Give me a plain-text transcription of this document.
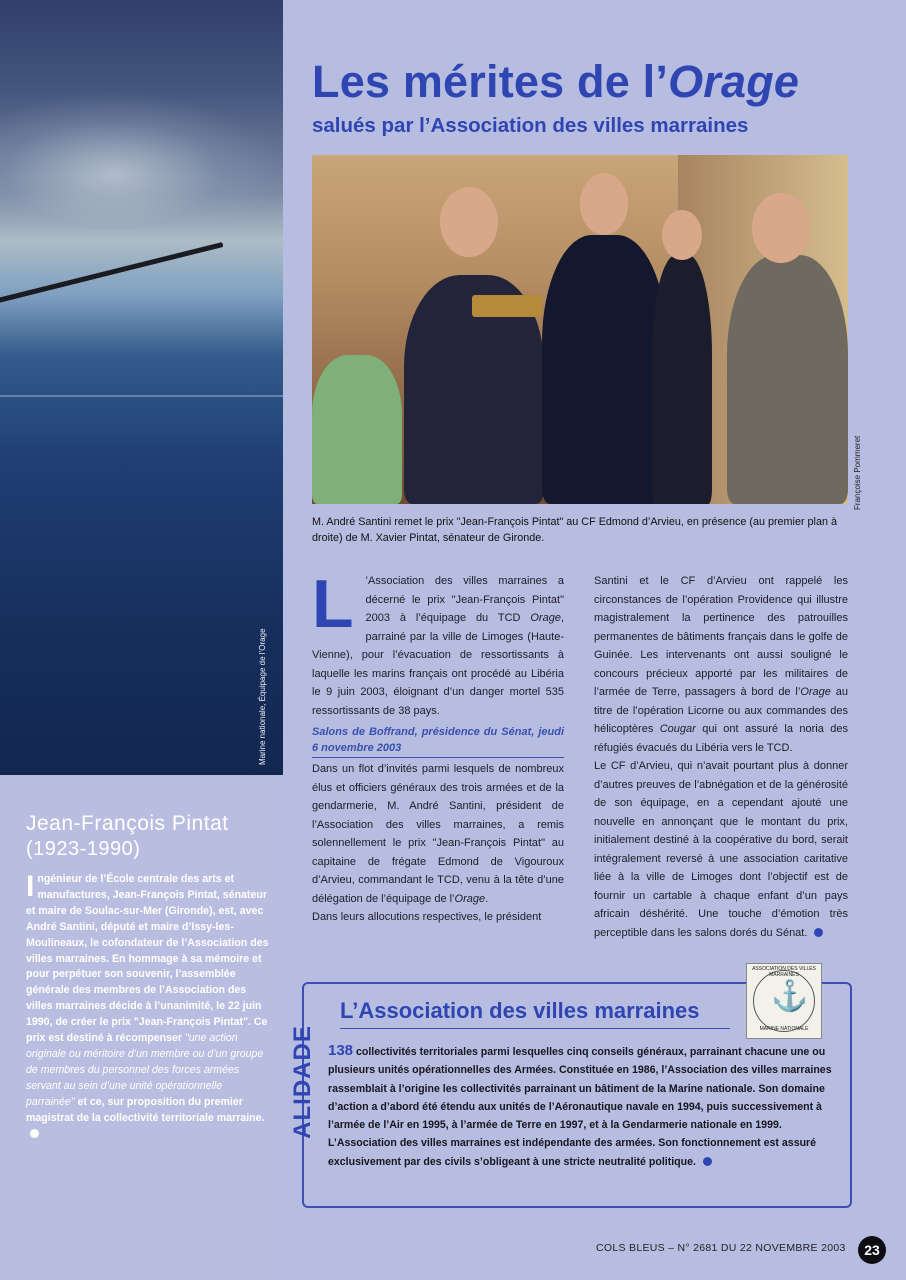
Marine nationale, Équipage de l’Orage
Jean-François Pintat
(1923-1990)

Ingénieur de l’École centrale des arts et manufactures, Jean-François Pintat, sénateur et maire de Soulac-sur-Mer (Gironde), est, avec André Santini, député et maire d’Issy-les-Moulineaux, le cofondateur de l’Association des villes marraines. En hommage à sa mémoire et pour perpétuer son souvenir, l’assemblée générale des membres de l’Association des villes marraines décide à l’unanimité, le 22 juin 1990, de créer le prix "Jean-François Pintat". Ce prix est destiné à récompenser "une action originale ou méritoire d’un membre ou d’un groupe de membres du personnel des forces armées servant au sein d’une unité opérationnelle parrainée" et ce, sur proposition du premier magistrat de la collectivité territoriale marraine.

Les mérites de l’Orage
salués par l’Association des villes marraines
Françoise Pommeret

M. André Santini remet le prix "Jean-François Pintat" au CF Edmond d’Arvieu, en présence (au premier plan à droite) de M. Xavier Pintat, sénateur de Gironde.

L ’Association des villes marraines a décerné le prix "Jean-François Pintat" 2003 à l’équipage du TCD Orage, parrainé par la ville de Limoges (Haute-Vienne), pour l’évacuation de ressortissants à laquelle les marins français ont procédé au Libéria le 9 juin 2003, éloignant d’un danger mortel 535 ressortissants de 38 pays.
Salons de Boffrand, présidence du Sénat, jeudi 6 novembre 2003
Dans un flot d’invités parmi lesquels de nombreux élus et officiers généraux des trois armées et de la gendarmerie, M. André Santini, président de l’Association des villes marraines, a remis solennellement le prix "Jean-François Pintat" au capitaine de frégate Edmond de Vigouroux d’Arvieu, commandant le TCD, venu à la tête d’une délégation de l’équipage de l’Orage.
Dans leurs allocutions respectives, le président
Santini et le CF d’Arvieu ont rappelé les circonstances de l’opération Providence qui illustre magistralement la pertinence des patrouilles permanentes de bâtiments français dans le golfe de Guinée. Les intervenants ont aussi souligné le concours précieux apporté par les militaires de l’armée de Terre, passagers à bord de l’Orage au titre de l’opération Licorne ou aux commandes des hélicoptères Cougar qui ont assuré la noria des réfugiés évacués du Libéria vers le TCD.
Le CF d’Arvieu, qui n’avait pourtant plus à donner d’autres preuves de l’abnégation et de la générosité de son équipage, en a cependant ajouté une nouvelle en annonçant que le montant du prix, initialement destiné à la coopérative du bord, serait intégralement reversé à une association caritative liée à la ville de Limoges dont l’objectif est de fournir un cartable à chaque enfant d’un pays africain déshérité. Une touche d’émotion très perceptible dans les salons dorés du Sénat.
ALIDADE
L’Association des villes marraines
ASSOCIATION DES VILLES MARRAINES
⚓
MARINE NATIONALE

138 collectivités territoriales parmi lesquelles cinq conseils généraux, parrainant chacune une ou plusieurs unités opérationnelles des Armées. Constituée en 1986, l’Association des villes marraines rassemblait à l’origine les collectivités parrainant un bâtiment de la Marine nationale. Son domaine d’action a d’abord été étendu aux unités de l’Aéronautique navale en 1994, puis successivement à l’armée de l’Air en 1995, à l’armée de Terre en 1997, et à la Gendarmerie nationale en 1999. L’Association des villes marraines est indépendante des armées. Son fonctionnement est assuré exclusivement par des civils s’obligeant à une stricte neutralité politique.

COLS BLEUS – N° 2681 DU 22 NOVEMBRE 2003	23
